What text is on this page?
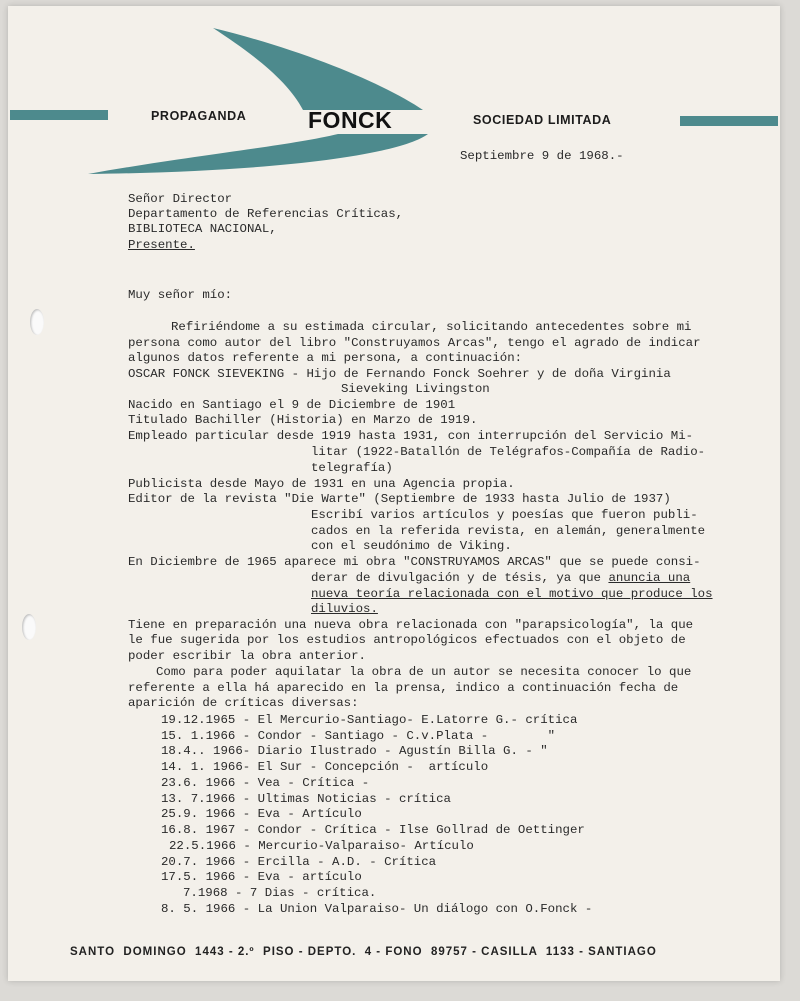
PROPAGANDA	FONCK	SOCIEDAD LIMITADA
Septiembre 9 de 1968.-
Señor Director
Departamento de Referencias Críticas,
BIBLIOTECA NACIONAL,
Presente.
Muy señor mío:
Refiriéndome a su estimada circular, solicitando antecedentes sobre mi
persona como autor del libro "Construyamos Arcas", tengo el agrado de indicar
algunos datos referente a mi persona, a continuación:
OSCAR FONCK SIEVEKING - Hijo de Fernando Fonck Soehrer y de doña Virginia
Sieveking Livingston
Nacido en Santiago el 9 de Diciembre de 1901
Titulado Bachiller (Historia) en Marzo de 1919.
Empleado particular desde 1919 hasta 1931, con interrupción del Servicio Mi-
litar (1922-Batallón de Telégrafos-Compañía de Radio-
telegrafía)
Publicista desde Mayo de 1931 en una Agencia propia.
Editor de la revista "Die Warte" (Septiembre de 1933 hasta Julio de 1937)
Escribí varios artículos y poesías que fueron publi-
cados en la referida revista, en alemán, generalmente
con el seudónimo de Viking.
En Diciembre de 1965 aparece mi obra "CONSTRUYAMOS ARCAS" que se puede consi-
derar de divulgación y de tésis, ya que anuncia una
nueva teoría relacionada con el motivo que produce los
diluvios.
Tiene en preparación una nueva obra relacionada con "parapsicología", la que
le fue sugerida por los estudios antropológicos efectuados con el objeto de
poder escribir la obra anterior.
Como para poder aquilatar la obra de un autor se necesita conocer lo que
referente a ella há aparecido en la prensa, indico a continuación fecha de
aparición de críticas diversas:
19.12.1965 - El Mercurio-Santiago- E.Latorre G.- crítica
15. 1.1966 - Condor - Santiago - C.v.Plata -        "
18.4.. 1966- Diario Ilustrado - Agustín Billa G. - "
14. 1. 1966- El Sur - Concepción -  artículo
23.6. 1966 - Vea - Crítica -
13. 7.1966 - Ultimas Noticias - crítica
25.9. 1966 - Eva - Artículo
16.8. 1967 - Condor - Crítica - Ilse Gollrad de Oettinger
22.5.1966 - Mercurio-Valparaiso- Artículo
20.7. 1966 - Ercilla - A.D. - Crítica
17.5. 1966 - Eva - artículo
7.1968 - 7 Dias - crítica.
8. 5. 1966 - La Union Valparaiso- Un diálogo con O.Fonck -
SANTO  DOMINGO  1443 - 2.º  PISO - DEPTO.  4 - FONO  89757 - CASILLA  1133 - SANTIAGO
